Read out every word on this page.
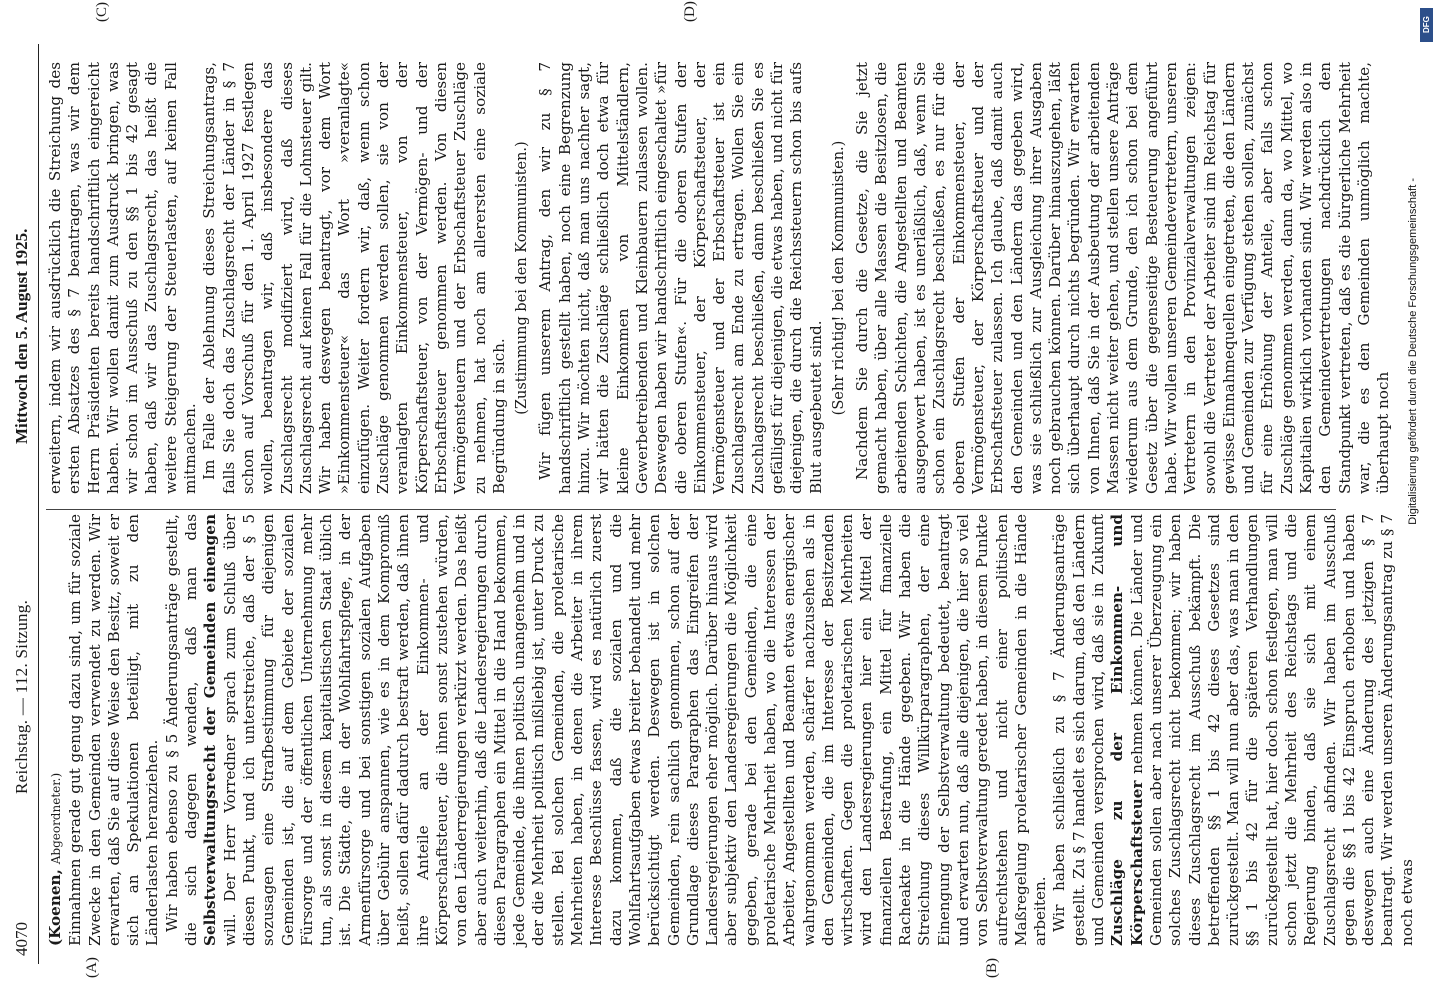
4070
Reichstag. — 112. Sitzung.
Mittwoch den 5. August 1925.
(A)	(B)
(C)	(D)

(Koenen, Abgeordneter.) Einnahmen gerade gut genug dazu sind, um für soziale Zwecke in den Gemeinden verwendet zu werden. Wir erwarten, daß Sie auf diese Weise den Besitz, soweit er sich an Spekulationen beteiligt, mit zu den Länderlasten heranziehen. Wir haben ebenso zu § 5 Änderungsanträge gestellt, die sich dagegen wenden, daß man das Selbstverwaltungsrecht der Gemeinden einengen will. Der Herr Vorredner sprach zum Schluß über diesen Punkt, und ich unterstreiche, daß der § 5 sozusagen eine Strafbestimmung für diejenigen Gemeinden ist, die auf dem Gebiete der sozialen Fürsorge und der öffentlichen Unternehmung mehr tun, als sonst in diesem kapitalistischen Staat üblich ist. Die Städte, die in der Wohlfahrtspflege, in der Armenfürsorge und bei sonstigen sozialen Aufgaben über Gebühr anspannen, wie es in dem Kompromiß heißt, sollen dafür dadurch bestraft werden, daß ihnen ihre Anteile an der Einkommen- und Körperschaftsteuer, die ihnen sonst zustehen würden, von den Länderregierungen verkürzt werden. Das heißt aber auch weiterhin, daß die Landesregierungen durch diesen Paragraphen ein Mittel in die Hand bekommen, jede Gemeinde, die ihnen politisch unangenehm und in der die Mehrheit politisch mißliebig ist, unter Druck zu stellen. Bei solchen Gemeinden, die proletarische Mehrheiten haben, in denen die Arbeiter in ihrem Interesse Beschlüsse fassen, wird es natürlich zuerst dazu kommen, daß die sozialen und die Wohlfahrtsaufgaben etwas breiter behandelt und mehr berücksichtigt werden. Deswegen ist in solchen Gemeinden, rein sachlich genommen, schon auf der Grundlage dieses Paragraphen das Eingreifen der Landesregierungen eher möglich. Darüber hinaus wird aber subjektiv den Landesregierungen die Möglichkeit gegeben, gerade bei den Gemeinden, die eine proletarische Mehrheit haben, wo die Interessen der Arbeiter, Angestellten und Beamten etwas energischer wahrgenommen werden, schärfer nachzusehen als in den Gemeinden, die im Interesse der Besitzenden wirtschaften. Gegen die proletarischen Mehrheiten wird den Landesregierungen hier ein Mittel der finanziellen Bestrafung, ein Mittel für finanzielle Racheakte in die Hände gegeben. Wir haben die Streichung dieses Willkürparagraphen, der eine Einengung der Selbstverwaltung bedeutet, beantragt und erwarten nun, daß alle diejenigen, die hier so viel von Selbstverwaltung geredet haben, in diesem Punkte aufrechtstehen und nicht einer politischen Maßregelung proletarischer Gemeinden in die Hände arbeiten. Wir haben schließlich zu § 7 Änderungsanträge gestellt. Zu § 7 handelt es sich darum, daß den Ländern und Gemeinden versprochen wird, daß sie in Zukunft Zuschläge zu der Einkommen- und Körperschaftsteuer nehmen können. Die Länder und Gemeinden sollen aber nach unserer Überzeugung ein solches Zuschlagsrecht nicht bekommen; wir haben dieses Zuschlagsrecht im Ausschuß bekämpft. Die betreffenden §§ 1 bis 42 dieses Gesetzes sind zurückgestellt. Man will nun aber das, was man in den §§ 1 bis 42 für die späteren Verhandlungen zurückgestellt hat, hier doch schon festlegen, man will schon jetzt die Mehrheit des Reichstags und die Regierung binden, daß sie sich mit einem Zuschlagsrecht abfinden. Wir haben im Ausschuß gegen die §§ 1 bis 42 Einspruch erhoben und haben deswegen auch eine Änderung des jetzigen § 7 beantragt. Wir werden unseren Änderungsantrag zu § 7 noch etwas

erweitern, indem wir ausdrücklich die Streichung des ersten Absatzes des § 7 beantragen, was wir dem Herrn Präsidenten bereits handschriftlich eingereicht haben. Wir wollen damit zum Ausdruck bringen, was wir schon im Ausschuß zu den §§ 1 bis 42 gesagt haben, daß wir das Zuschlagsrecht, das heißt die weitere Steigerung der Steuerlasten, auf keinen Fall mitmachen. Im Falle der Ablehnung dieses Streichungsantrags, falls Sie doch das Zuschlagsrecht der Länder in § 7 schon auf Vorschuß für den 1. April 1927 festlegen wollen, beantragen wir, daß insbesondere das Zuschlagsrecht modifiziert wird, daß dieses Zuschlagsrecht auf keinen Fall für die Lohnsteuer gilt. Wir haben deswegen beantragt, vor dem Wort »Einkommensteuer« das Wort »veranlagte« einzufügen. Weiter fordern wir, daß, wenn schon Zuschläge genommen werden sollen, sie von der veranlagten Einkommensteuer, von der Körperschaftsteuer, von der Vermögen- und der Erbschaftsteuer genommen werden. Von diesen Vermögensteuern und der Erbschaftsteuer Zuschläge zu nehmen, hat noch am allerersten eine soziale Begründung in sich.

(Zustimmung bei den Kommunisten.) Wir fügen unserem Antrag, den wir zu § 7 handschriftlich gestellt haben, noch eine Begrenzung hinzu. Wir möchten nicht, daß man uns nachher sagt, wir hätten die Zuschläge schließlich doch etwa für kleine Einkommen von Mittelständlern, Gewerbetreibenden und Kleinbauern zulassen wollen. Deswegen haben wir handschriftlich eingeschaltet »für die oberen Stufen«. Für die oberen Stufen der Einkommensteuer, der Körperschaftsteuer, der Vermögensteuer und der Erbschaftsteuer ist ein Zuschlagsrecht am Ende zu ertragen. Wollen Sie ein Zuschlagsrecht beschließen, dann beschließen Sie es gefälligst für diejenigen, die etwas haben, und nicht für diejenigen, die durch die Reichssteuern schon bis aufs Blut ausgebeutet sind. (Sehr richtig! bei den Kommunisten.) Nachdem Sie durch die Gesetze, die Sie jetzt gemacht haben, über alle Massen die Besitzlosen, die arbeitenden Schichten, die Angestellten und Beamten ausgepowert haben, ist es unerläßlich, daß, wenn Sie schon ein Zuschlagsrecht beschließen, es nur für die oberen Stufen der Einkommensteuer, der Vermögensteuer, der Körperschaftsteuer und der Erbschaftsteuer zulassen. Ich glaube, daß damit auch den Gemeinden und den Ländern das gegeben wird, was sie schließlich zur Ausgleichung ihrer Ausgaben noch gebrauchen können. Darüber hinauszugehen, läßt sich überhaupt durch nichts begründen. Wir erwarten von Ihnen, daß Sie in der Ausbeutung der arbeitenden Massen nicht weiter gehen, und stellen unsere Anträge wiederum aus dem Grunde, den ich schon bei dem Gesetz über die gegenseitige Besteuerung angeführt habe. Wir wollen unseren Gemeindevertretern, unseren Vertretern in den Provinzialverwaltungen zeigen: sowohl die Vertreter der Arbeiter sind im Reichstag für gewisse Einnahmequellen eingetreten, die den Ländern und Gemeinden zur Verfügung stehen sollen, zunächst für eine Erhöhung der Anteile, aber falls schon Zuschläge genommen werden, dann da, wo Mittel, wo Kapitalien wirklich vorhanden sind. Wir werden also in den Gemeindevertretungen nachdrücklich den Standpunkt vertreten, daß es die bürgerliche Mehrheit war, die es den Gemeinden unmöglich machte, überhaupt noch Digitalisierung gefördert durch die Deutsche Forschungsgemeinschaft -
DFG
